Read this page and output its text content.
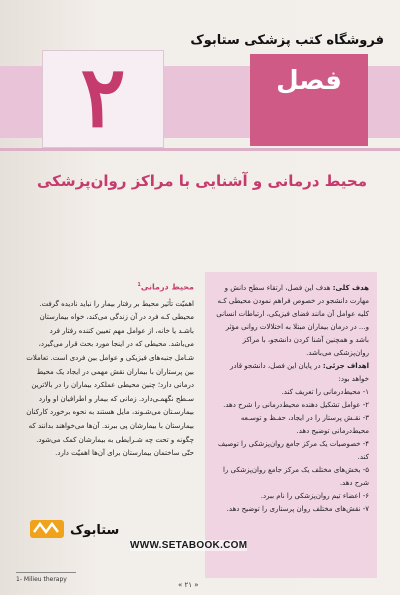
فروشگاه کتب پزشکی ستابوک
۲	فصل
محیط درمانی و آشنایی با مراکز روان‌پزشکی

هدف کلی: هدف این فصل، ارتقاء سطح دانش و مهارت دانشجو در خصوص فراهم نمودن محیطی کـه کلیه عوامل آن مانند فضای فیزیکی، ارتباطات انسانی و... در درمان بیماران مبتلا به اختلالات روانی مؤثر باشد و همچنین آشنا کردن دانشجو، با مراکز روان‌پزشکی می‌باشد.

اهداف جزئی: در پایان این فصل، دانشجو قادر خواهد بود:

۱- محیط‌درمانی را تعریف کند.
۲- عوامل تشکیل دهنده محیط‌درمانی را شرح دهد.
۳- نقـش پرستار را در ایجاد، حفـظ و توسـعه محیط‌درمانی توضیح دهد.
۴- خصوصیات یک مرکز جامع روان‌پزشکی را توصیف کند.
۵- بخش‌های مختلف یک مرکز جامع روان‌پزشکی را شرح دهد.
۶- اعضاء تیم روان‌پزشکی را نام ببرد.
۷- نقش‌های مختلف روان پرستاری را توضیح دهد.
محیط درمانی$^1$

اهمیّت تأثیر محیط بر رفتار بیمار را نباید نادیده گرفت. محیطی کـه فرد در آن زندگی می‌کند، خواه بیمارستان باشـد یا خانه، از عوامل مهم تعیین کننده رفتار فرد می‌باشد. محیطی که در اینجا مورد بحث قرار می‌گیرد، شـامل جنبه‌های فیزیکی و عوامل بین فردی است. تعاملات بین پرستاران با بیماران نقش مهمی در ایجاد یک محیط درمانی دارد؛ چنین محیطی عملکرد بیماران را در بالاترین سـطح نگهمـی‌دارد. زمانی که بیمار و اطرافیان او وارد بیمارسـتان می‌شـوند، مایل هستند به نحوه برخورد کارکنان بیمارستان با بیمارشان پی ببرند. آن‌ها می‌خواهند بدانند که چگونه و تحت چه شـرایطی به بیمارشان کمک می‌شود. حتّی ساختمان بیمارستان برای آن‌ها اهمیّت دارد.

ستابوک
WWW.SETABOOK.COM
1- Milieu therapy
« ۲۱ »
